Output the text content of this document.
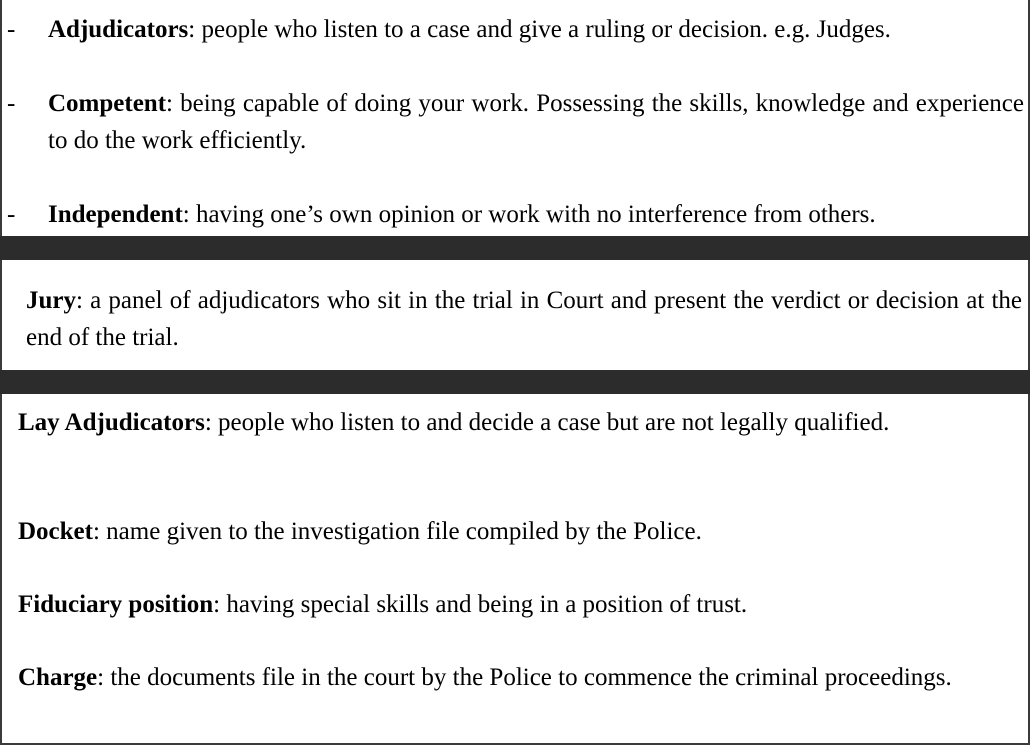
- Adjudicators: people who listen to a case and give a ruling or decision. e.g. Judges.
- Competent: being capable of doing your work. Possessing the skills, knowledge and experience to do the work efficiently.
- Independent: having one’s own opinion or work with no interference from others.
Jury: a panel of adjudicators who sit in the trial in Court and present the verdict or decision at the end of the trial.
Lay Adjudicators: people who listen to and decide a case but are not legally qualified.
Docket: name given to the investigation file compiled by the Police.
Fiduciary position: having special skills and being in a position of trust.
Charge: the documents file in the court by the Police to commence the criminal proceedings.
